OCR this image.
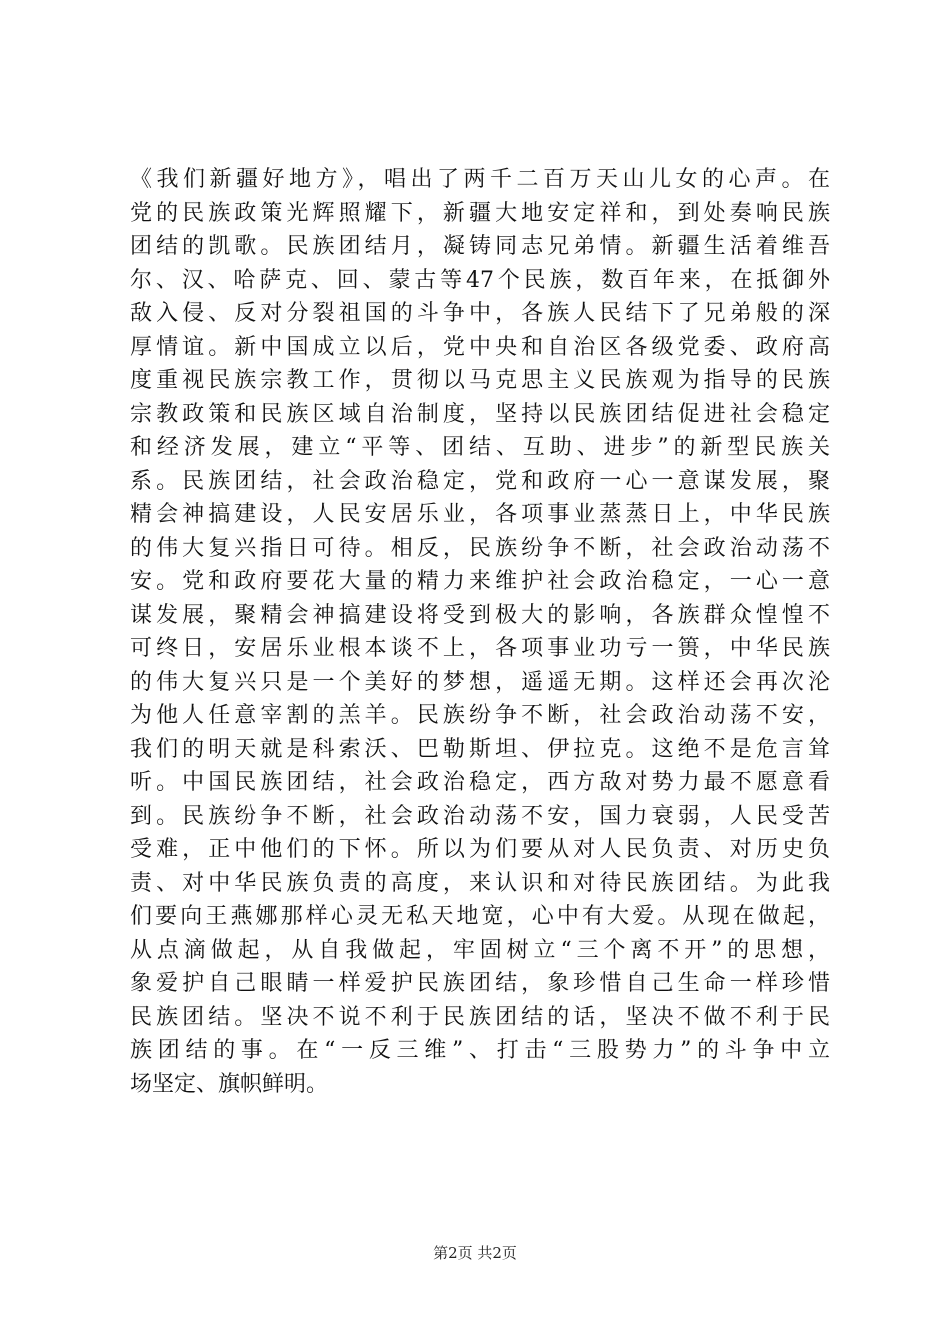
《我们新疆好地方》，唱出了两千二百万天山儿女的心声。在
党的民族政策光辉照耀下，新疆大地安定祥和，到处奏响民族
团结的凯歌。民族团结月，凝铸同志兄弟情。新疆生活着维吾
尔、汉、哈萨克、回、蒙古等47个民族，数百年来，在抵御外
敌入侵、反对分裂祖国的斗争中，各族人民结下了兄弟般的深
厚情谊。新中国成立以后，党中央和自治区各级党委、政府高
度重视民族宗教工作，贯彻以马克思主义民族观为指导的民族
宗教政策和民族区域自治制度，坚持以民族团结促进社会稳定
和经济发展，建立“平等、团结、互助、进步”的新型民族关
系。民族团结，社会政治稳定，党和政府一心一意谋发展，聚
精会神搞建设，人民安居乐业，各项事业蒸蒸日上，中华民族
的伟大复兴指日可待。相反，民族纷争不断，社会政治动荡不
安。党和政府要花大量的精力来维护社会政治稳定，一心一意
谋发展，聚精会神搞建设将受到极大的影响，各族群众惶惶不
可终日，安居乐业根本谈不上，各项事业功亏一篑，中华民族
的伟大复兴只是一个美好的梦想，遥遥无期。这样还会再次沦
为他人任意宰割的羔羊。民族纷争不断，社会政治动荡不安，
我们的明天就是科索沃、巴勒斯坦、伊拉克。这绝不是危言耸
听。中国民族团结，社会政治稳定，西方敌对势力最不愿意看
到。民族纷争不断，社会政治动荡不安，国力衰弱，人民受苦
受难，正中他们的下怀。所以为们要从对人民负责、对历史负
责、对中华民族负责的高度，来认识和对待民族团结。为此我
们要向王燕娜那样心灵无私天地宽，心中有大爱。从现在做起，
从点滴做起，从自我做起，牢固树立“三个离不开”的思想，
象爱护自己眼睛一样爱护民族团结，象珍惜自己生命一样珍惜
民族团结。坚决不说不利于民族团结的话，坚决不做不利于民
族团结的事。在“一反三维”、打击“三股势力”的斗争中立
场坚定、旗帜鲜明。
第2页 共2页
